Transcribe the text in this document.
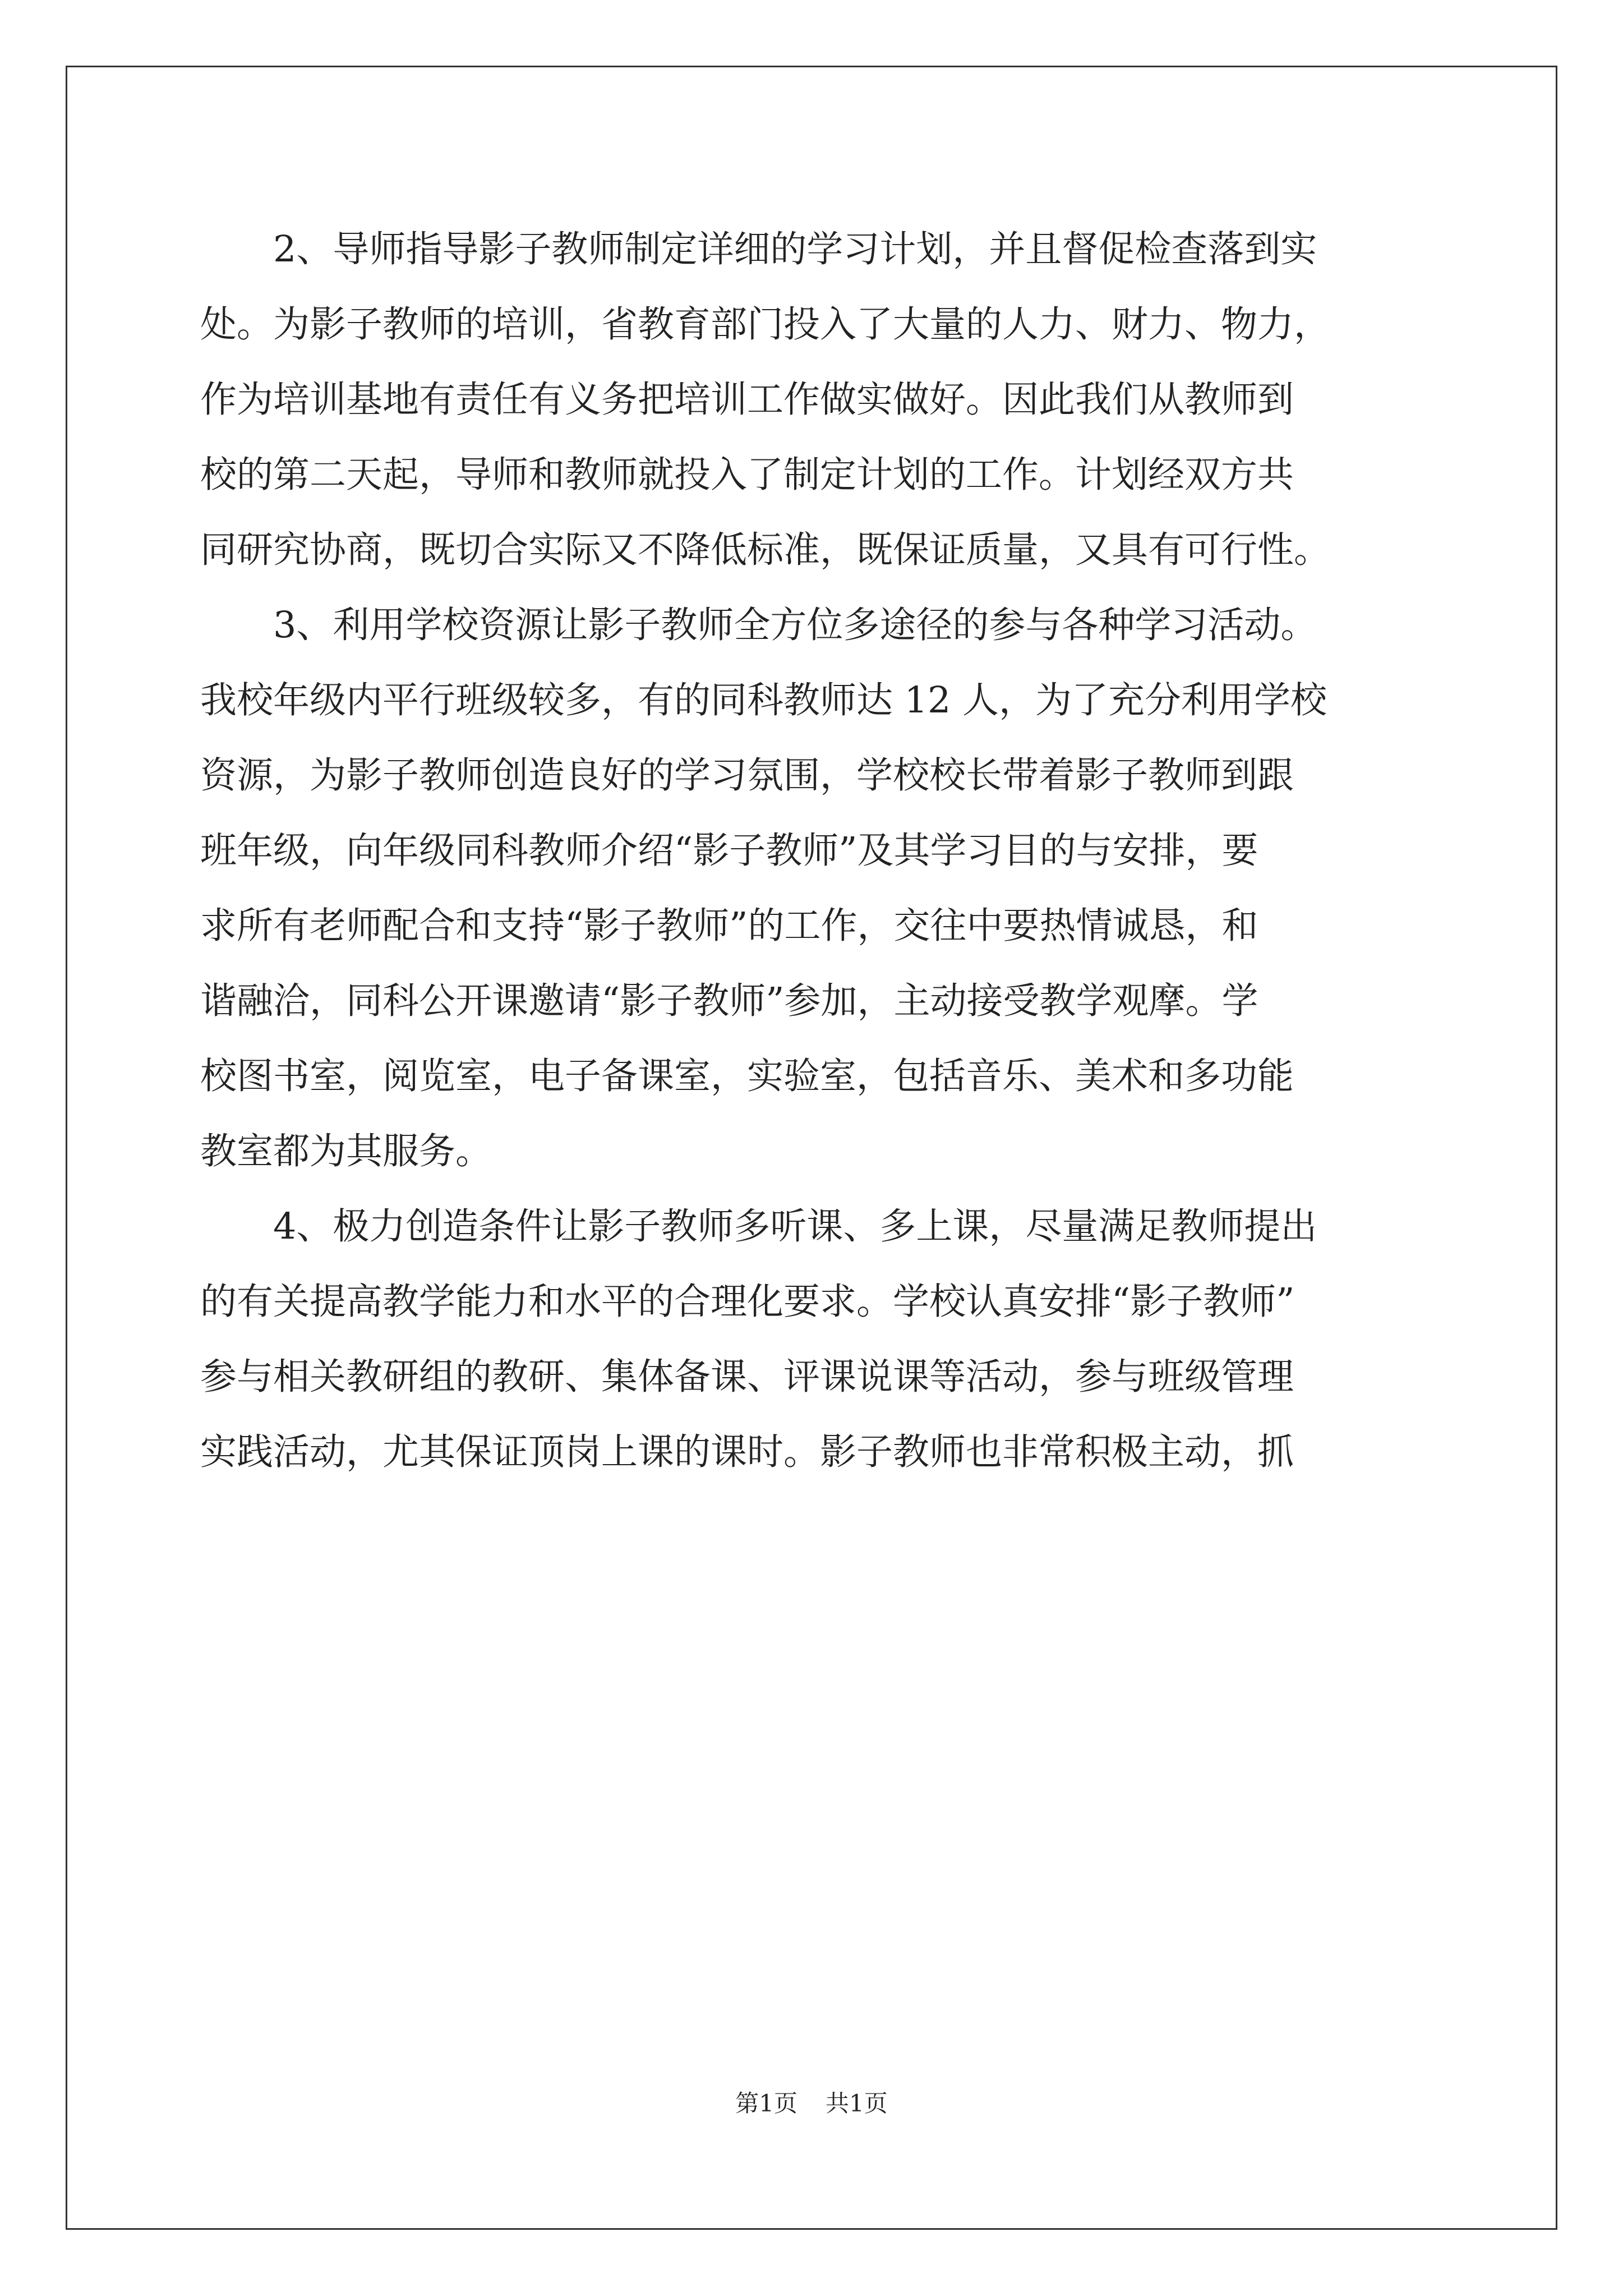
　　2、导师指导影子教师制定详细的学习计划，并且督促检查落到实
处。为影子教师的培训，省教育部门投入了大量的人力、财力、物力，
作为培训基地有责任有义务把培训工作做实做好。因此我们从教师到
校的第二天起，导师和教师就投入了制定计划的工作。计划经双方共
同研究协商，既切合实际又不降低标准，既保证质量，又具有可行性。
　　3、利用学校资源让影子教师全方位多途径的参与各种学习活动。
我校年级内平行班级较多，有的同科教师达 12 人，为了充分利用学校
资源，为影子教师创造良好的学习氛围，学校校长带着影子教师到跟
班年级，向年级同科教师介绍“影子教师”及其学习目的与安排，要
求所有老师配合和支持“影子教师”的工作，交往中要热情诚恳，和
谐融洽，同科公开课邀请“影子教师”参加，主动接受教学观摩。学
校图书室，阅览室，电子备课室，实验室，包括音乐、美术和多功能
教室都为其服务。
　　4、极力创造条件让影子教师多听课、多上课，尽量满足教师提出
的有关提高教学能力和水平的合理化要求。学校认真安排“影子教师”
参与相关教研组的教研、集体备课、评课说课等活动，参与班级管理
实践活动，尤其保证顶岗上课的课时。影子教师也非常积极主动，抓
第1页 共1页
